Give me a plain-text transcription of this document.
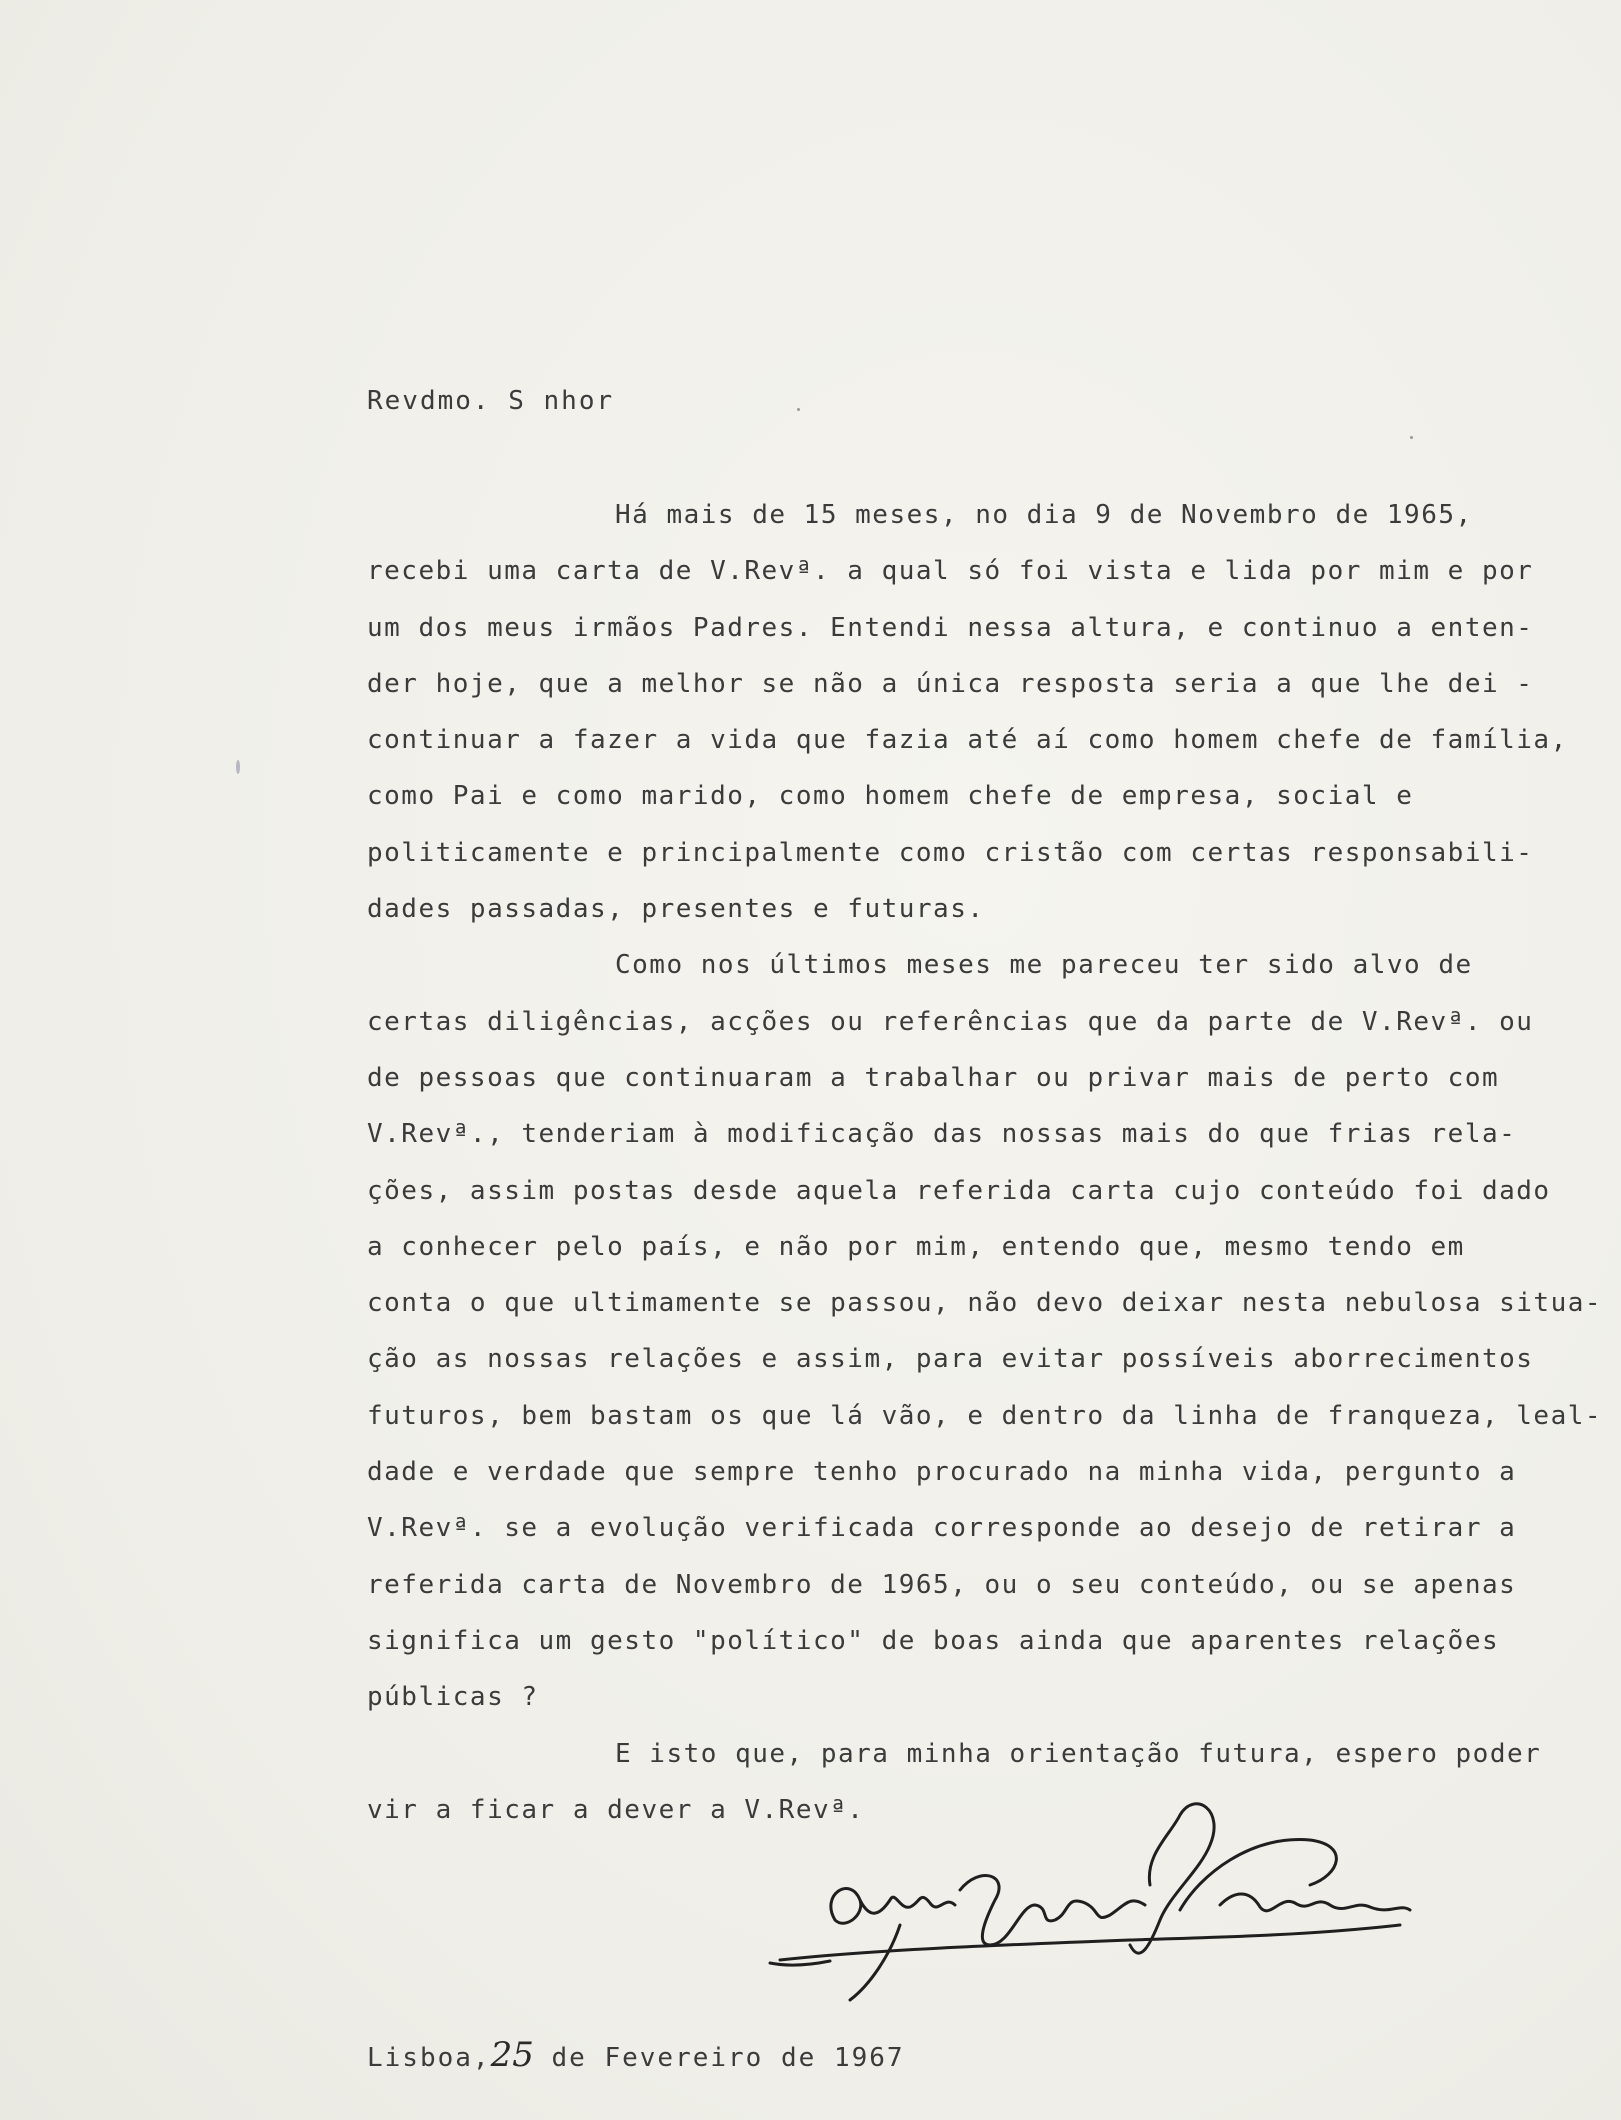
Revdmo. S nhor
Há mais de 15 meses, no dia 9 de Novembro de 1965,
recebi uma carta de V.Revª. a qual só foi vista e lida por mim e por
um dos meus irmãos Padres. Entendi nessa altura, e continuo a enten-
der hoje, que a melhor se não a única resposta seria a que lhe dei -
continuar a fazer a vida que fazia até aí como homem chefe de família,
como Pai e como marido, como homem chefe de empresa, social e
politicamente e principalmente como cristão com certas responsabili-
dades passadas, presentes e futuras.
Como nos últimos meses me pareceu ter sido alvo de
certas diligências, acções ou referências que da parte de V.Revª. ou
de pessoas que continuaram a trabalhar ou privar mais de perto com
V.Revª., tenderiam à modificação das nossas mais do que frias rela-
ções, assim postas desde aquela referida carta cujo conteúdo foi dado
a conhecer pelo país, e não por mim, entendo que, mesmo tendo em
conta o que ultimamente se passou, não devo deixar nesta nebulosa situa-
ção as nossas relações e assim, para evitar possíveis aborrecimentos
futuros, bem bastam os que lá vão, e dentro da linha de franqueza, leal-
dade e verdade que sempre tenho procurado na minha vida, pergunto a
V.Revª. se a evolução verificada corresponde ao desejo de retirar a
referida carta de Novembro de 1965, ou o seu conteúdo, ou se apenas
significa um gesto "político" de boas ainda que aparentes relações
públicas ?
E isto que, para minha orientação futura, espero poder
vir a ficar a dever a V.Revª.
Lisboa,25 de Fevereiro de 1967
